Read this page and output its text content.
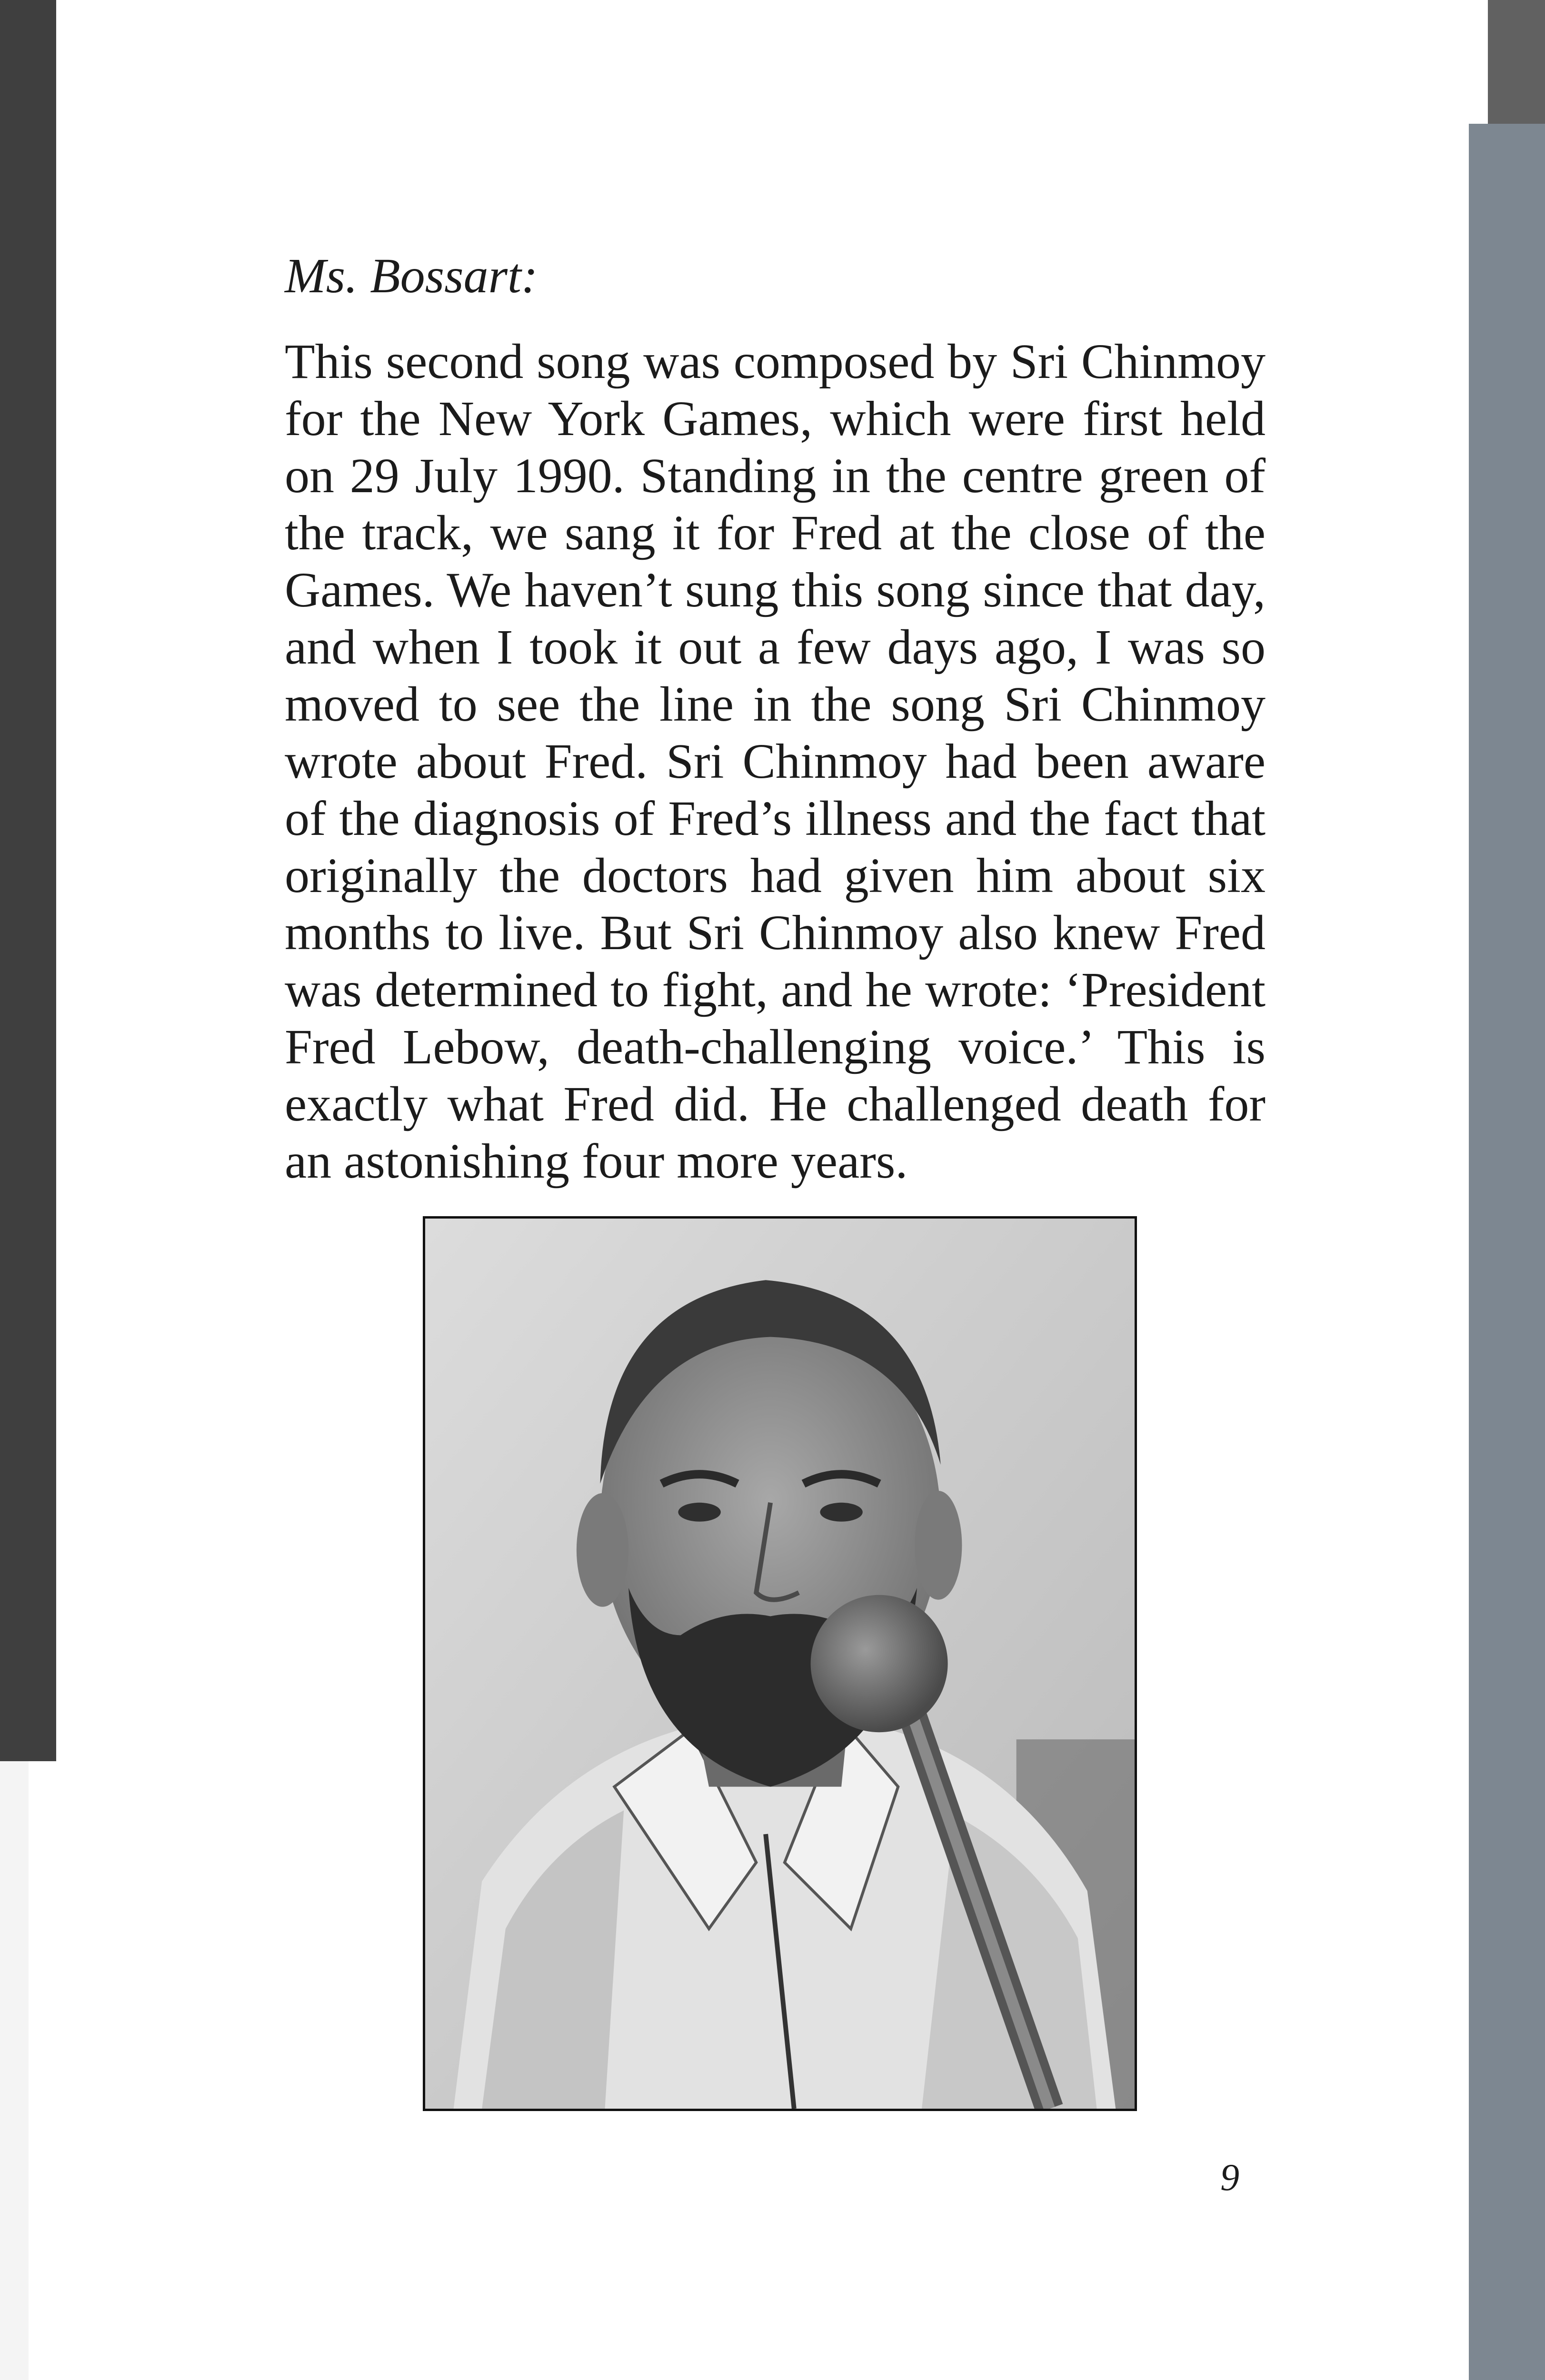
Ms. Bossart:

This second song was composed by Sri Chinmoy for the New York Games, which were first held on 29 July 1990. Standing in the centre green of the track, we sang it for Fred at the close of the Games. We haven’t sung this song since that day, and when I took it out a few days ago, I was so moved to see the line in the song Sri Chinmoy wrote about Fred. Sri Chinmoy had been aware of the diagnosis of Fred’s illness and the fact that originally the doctors had given him about six months to live. But Sri Chinmoy also knew Fred was determined to fight, and he wrote: ‘President Fred Lebow, death-challenging voice.’ This is exactly what Fred did. He challenged death for an astonishing four more years.

9
